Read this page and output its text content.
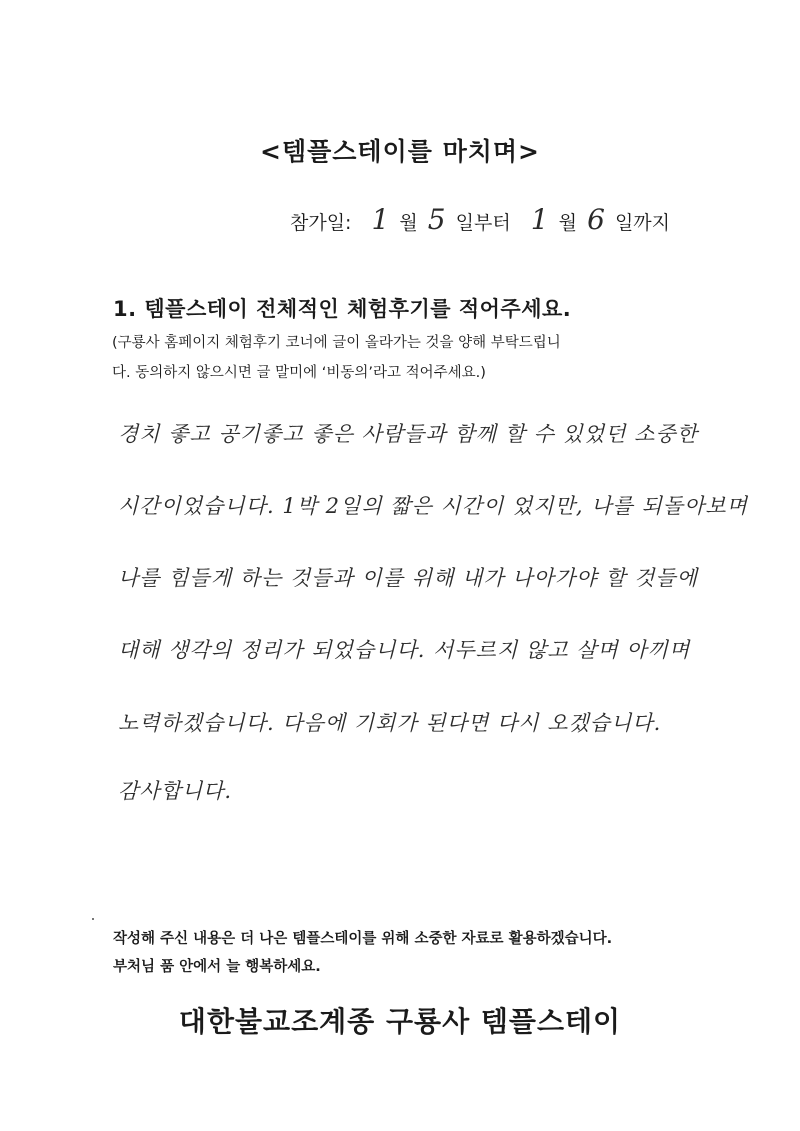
<템플스테이를 마치며>
참가일: 1 월 5 일부터 1 월 6 일까지
1. 템플스테이 전체적인 체험후기를 적어주세요.
(구룡사 홈페이지 체험후기 코너에 글이 올라가는 것을 양해 부탁드립니
다. 동의하지 않으시면 글 말미에 ‘비동의’라고 적어주세요.)
경치 좋고 공기좋고 좋은 사람들과 함께 할 수 있었던 소중한
시간이었습니다. 1박 2일의 짧은 시간이 었지만, 나를 되돌아보며
나를 힘들게 하는 것들과 이를 위해 내가 나아가야 할 것들에
대해 생각의 정리가 되었습니다. 서두르지 않고 살며 아끼며
노력하겠습니다. 다음에 기회가 된다면 다시 오겠습니다.
감사합니다.
작성해 주신 내용은 더 나은 템플스테이를 위해 소중한 자료로 활용하겠습니다.
부처님 품 안에서 늘 행복하세요.
대한불교조계종 구룡사 템플스테이
